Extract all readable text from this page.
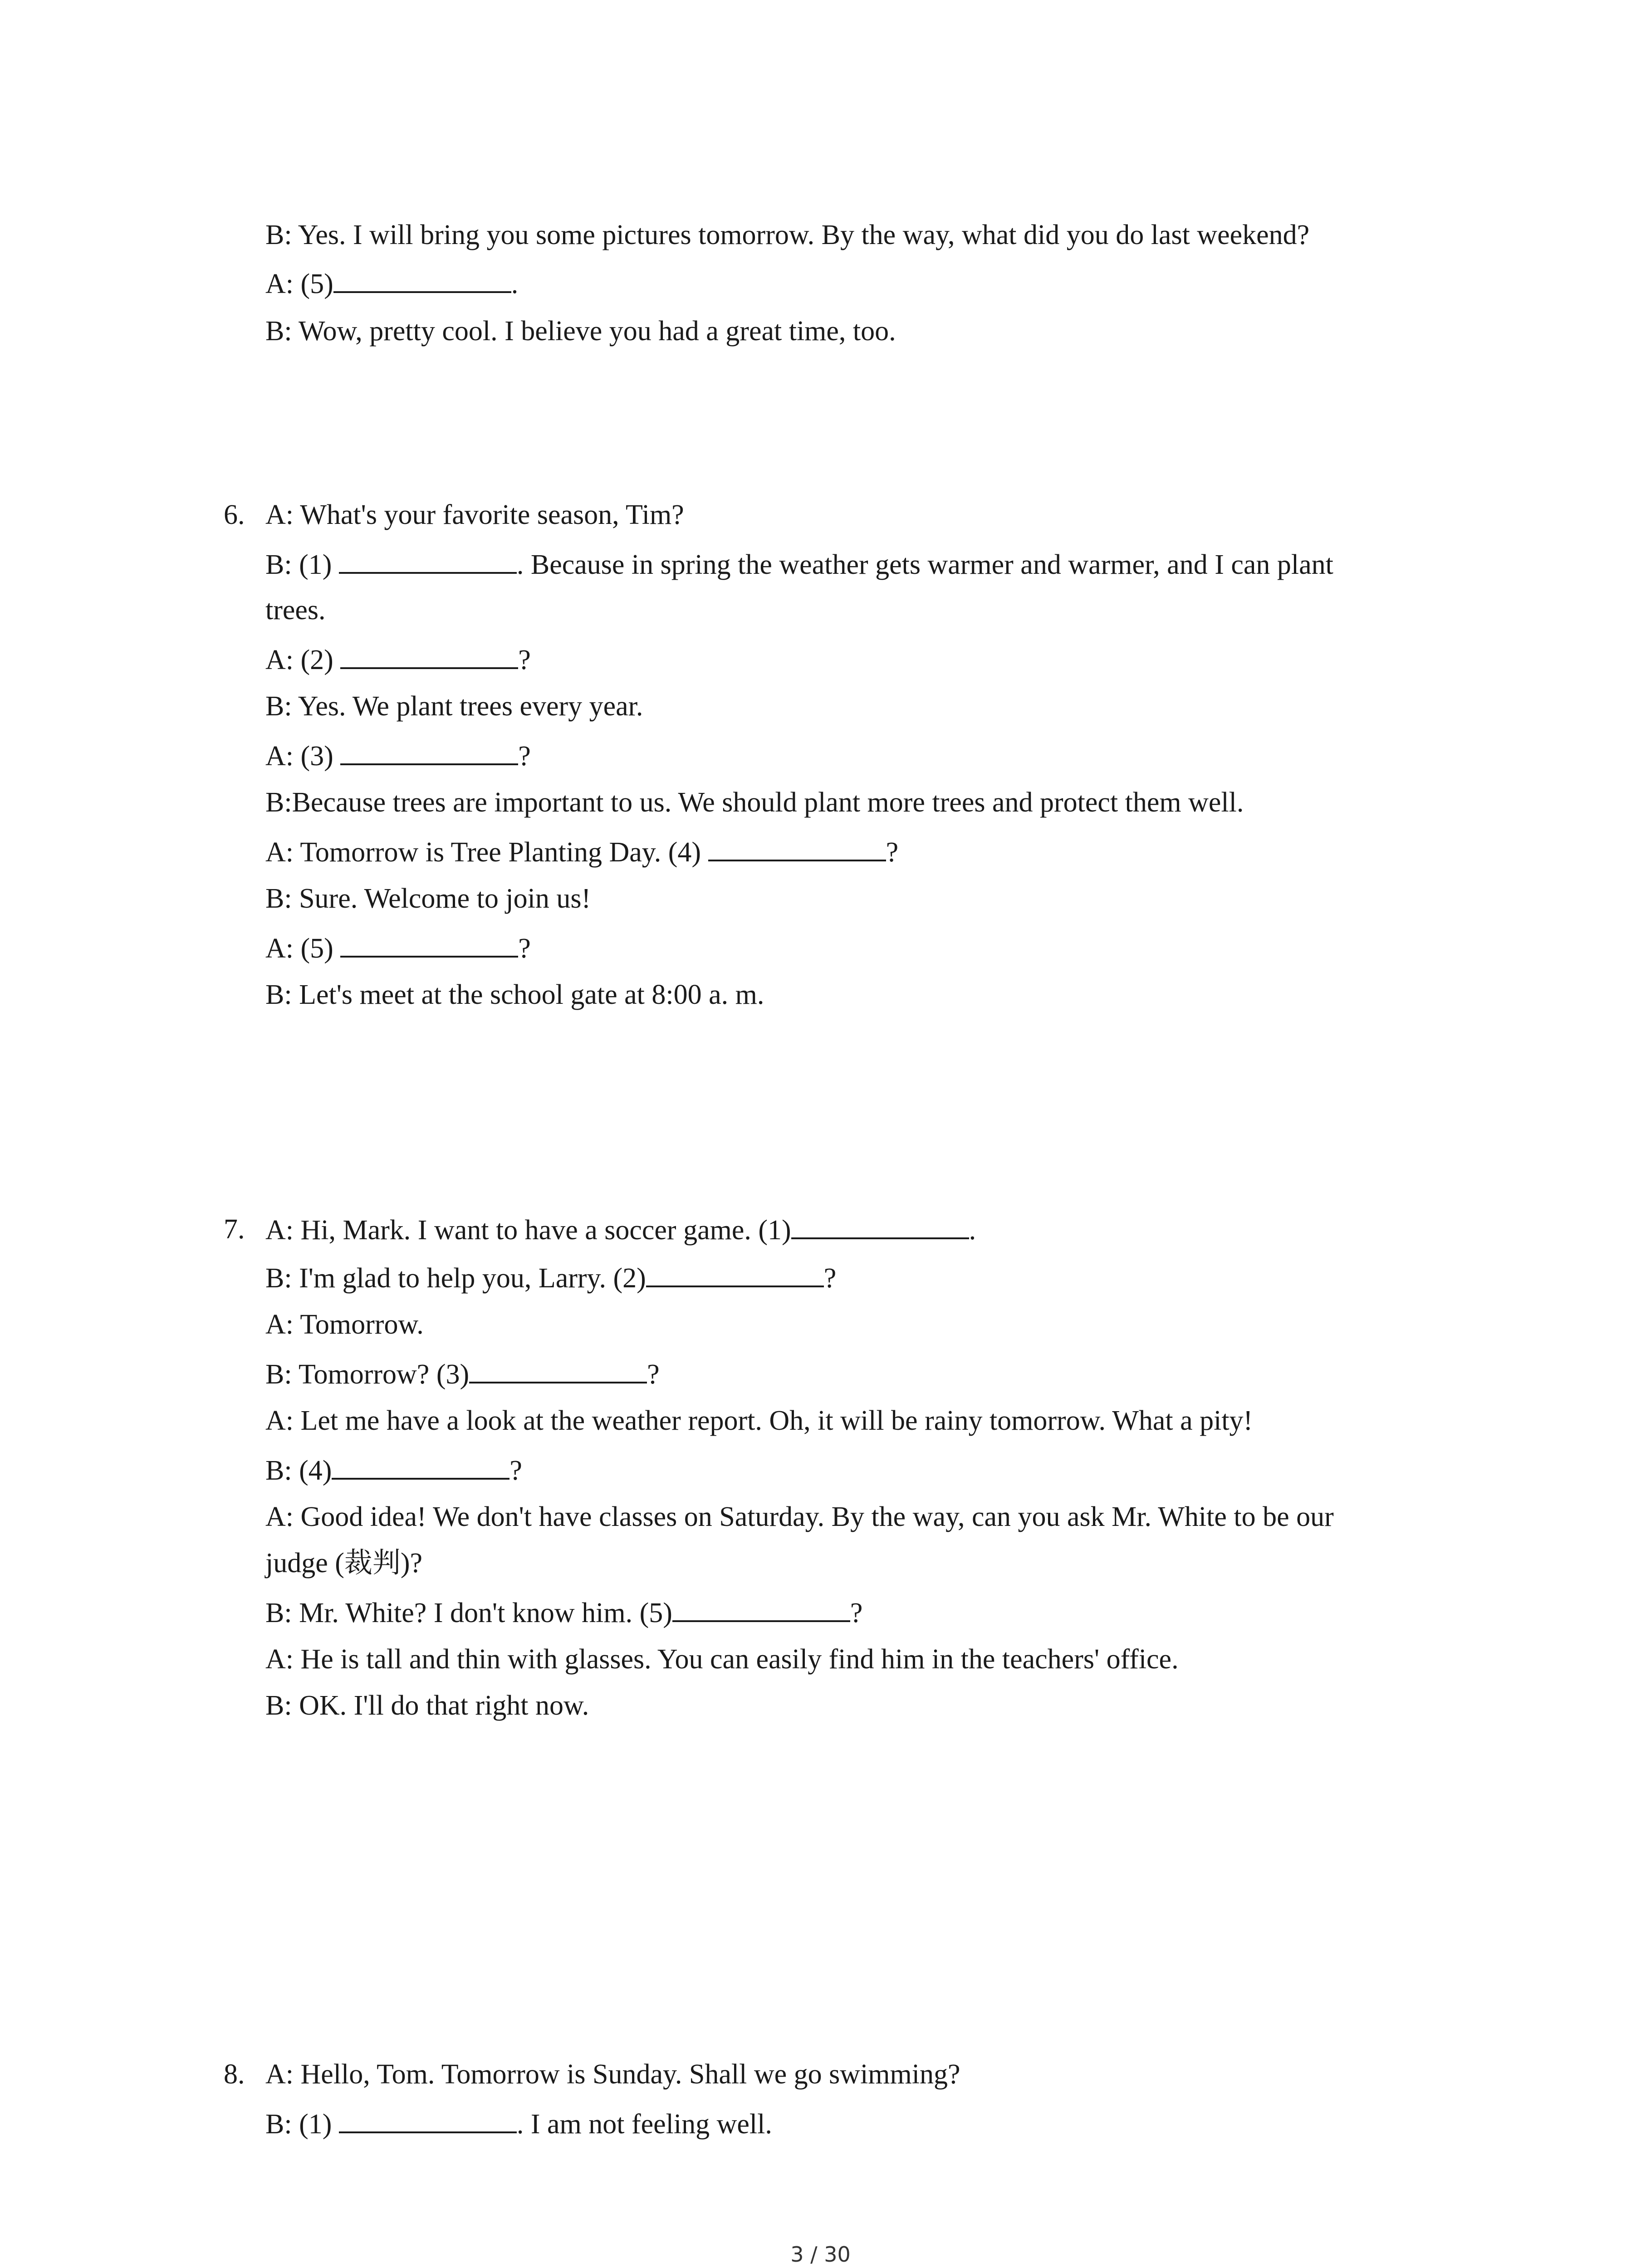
B: Yes. I will bring you some pictures tomorrow. By the way, what did you do last weekend?
A: (5)	.
B: Wow, pretty cool. I believe you had a great time, too.
6. A: What's your favorite season, Tim?
B: (1)	. Because in spring the weather gets warmer and warmer, and I can plant
trees.
A: (2)	?
B: Yes. We plant trees every year.
A: (3)	?
B:Because trees are important to us. We should plant more trees and protect them well.
A: Tomorrow is Tree Planting Day. (4)	?
B: Sure. Welcome to join us!
A: (5)	?
B: Let's meet at the school gate at 8:00 a. m.
7. A: Hi, Mark. I want to have a soccer game. (1)	.
B: I'm glad to help you, Larry. (2)	?
A: Tomorrow.
B: Tomorrow? (3)	?
A: Let me have a look at the weather report. Oh, it will be rainy tomorrow. What a pity!
B: (4)	?
A: Good idea! We don't have classes on Saturday. By the way, can you ask Mr. White to be our
judge (裁判)?
B: Mr. White? I don't know him. (5)	?
A: He is tall and thin with glasses. You can easily find him in the teachers' office.
B: OK. I'll do that right now.
8. A: Hello, Tom. Tomorrow is Sunday. Shall we go swimming?
B: (1)	. I am not feeling well.
3 / 30
